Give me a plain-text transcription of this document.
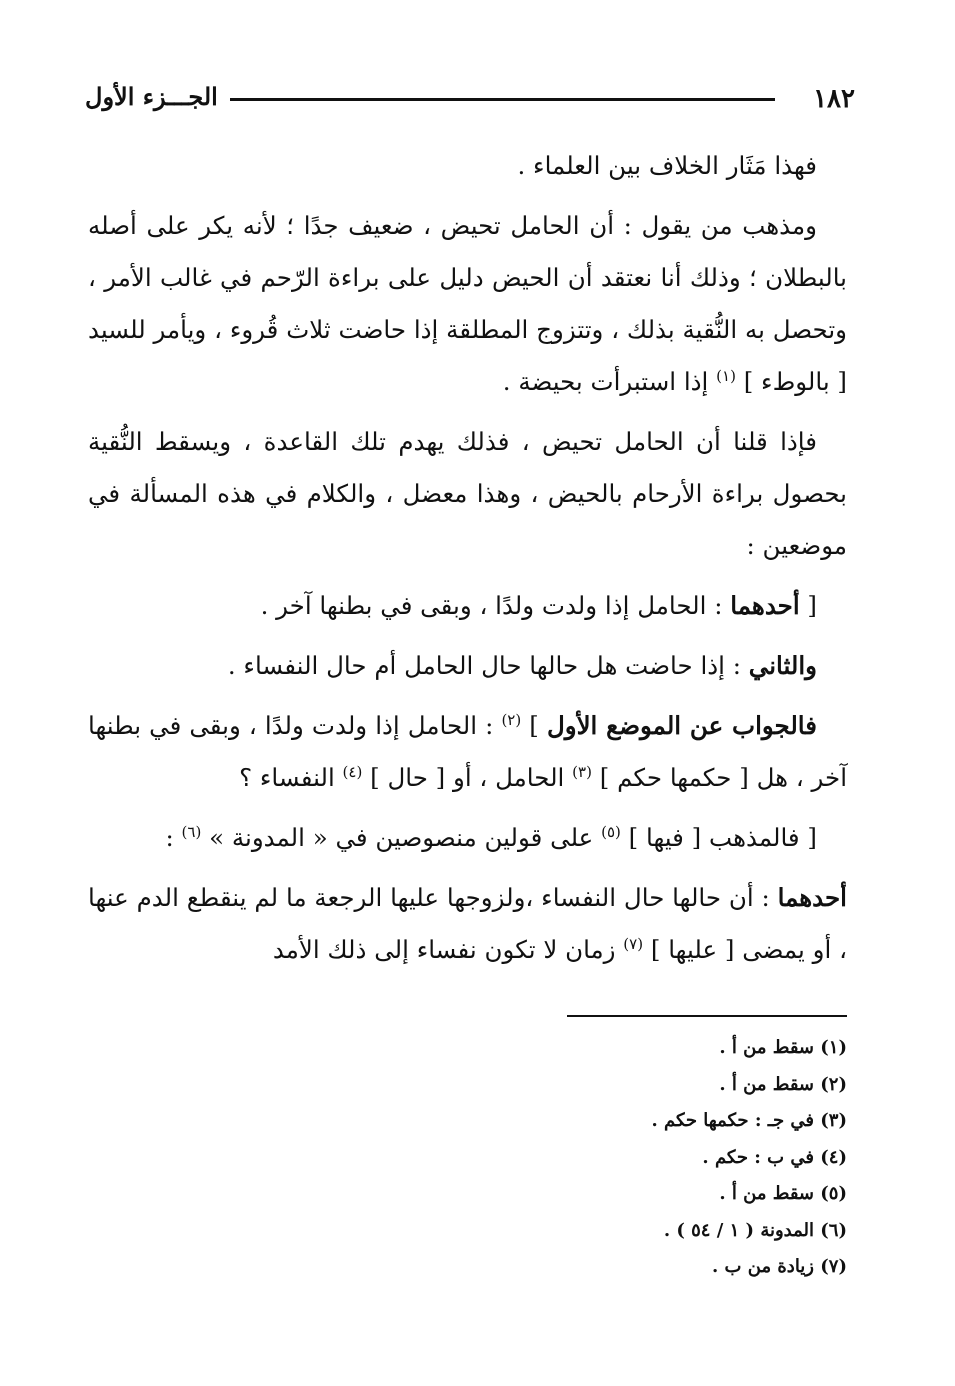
١٨٢
الجـــزء الأول

فهذا مَثَار الخلاف بين العلماء .

ومذهب من يقول : أن الحامل تحيض ، ضعيف جدًا ؛ لأنه يكر على أصله بالبطلان ؛ وذلك أنا نعتقد أن الحيض دليل على براءة الرّحم في غالب الأمر ، وتحصل به النُّقية بذلك ، وتتزوج المطلقة إذا حاضت ثلاث قُروء ، ويأمر للسيد [ بالوطء ] $^{(١)}$ إذا استبرأت بحيضة .

فإذا قلنا أن الحامل تحيض ، فذلك يهدم تلك القاعدة ، ويسقط النُّقية بحصول براءة الأرحام بالحيض ، وهذا معضل ، والكلام في هذه المسألة في موضعين :

[ أحدهما : الحامل إذا ولدت ولدًا ، وبقى في بطنها آخر .

والثاني : إذا حاضت هل حالها حال الحامل أم حال النفساء .

فالجواب عن الموضع الأول ] $^{(٢)}$ : الحامل إذا ولدت ولدًا ، وبقى في بطنها آخر ، هل [ حكمها حكم ] $^{(٣)}$ الحامل ، أو [ حال ] $^{(٤)}$ النفساء ؟

[ فالمذهب [ فيها ] $^{(٥)}$ على قولين منصوصين في « المدونة » $^{(٦)}$ :

أحدهما : أن حالها حال النفساء ،ولزوجها عليها الرجعة ما لم ينقطع الدم عنها ، أو يمضى [ عليها ] $^{(٧)}$ زمان لا تكون نفساء إلى ذلك الأمد

(١) سقط من أ .
(٢) سقط من أ .
(٣) في جـ : حكمها حكم .
(٤) في ب : حكم .
(٥) سقط من أ .
(٦) المدونة ( ١ / ٥٤ ) .
(٧) زيادة من ب .
